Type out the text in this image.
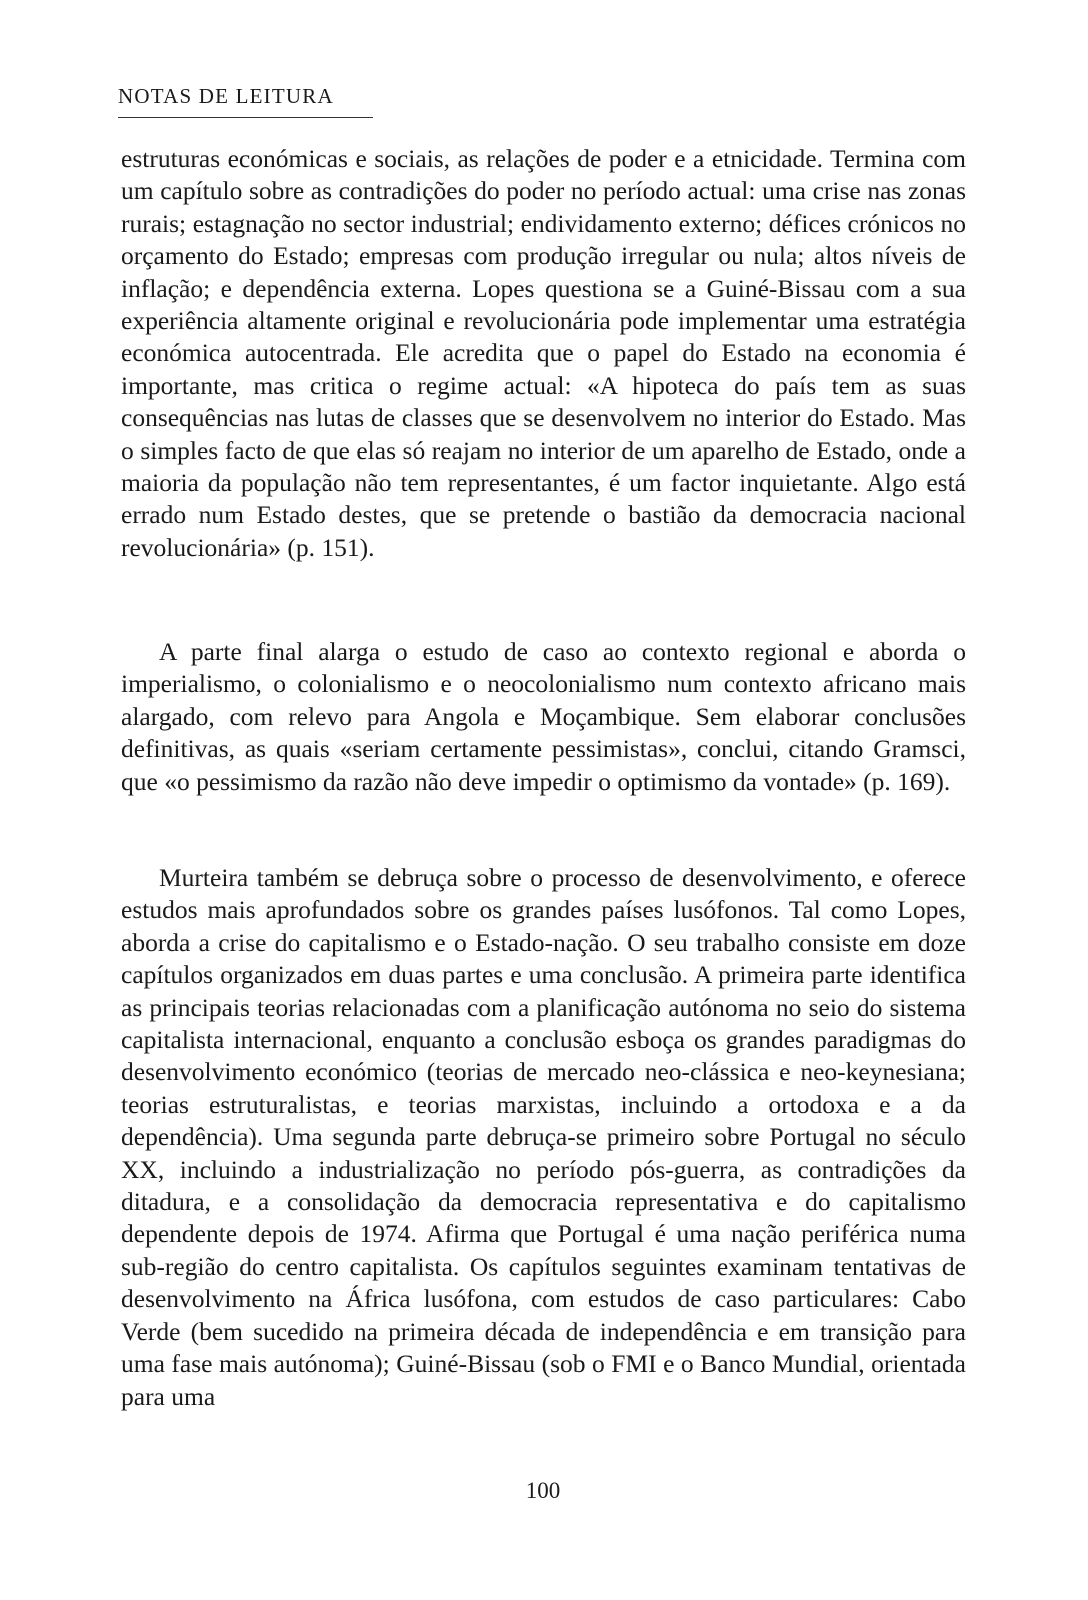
NOTAS DE LEITURA

estruturas económicas e sociais, as relações de poder e a etnicidade. Termina com um capítulo sobre as contradições do poder no período actual: uma crise nas zonas rurais; estagnação no sector industrial; endividamento externo; défices crónicos no orçamento do Estado; empresas com produção irregular ou nula; altos níveis de inflação; e dependência externa. Lopes questiona se a Guiné-Bissau com a sua experiência altamente original e revolucionária pode implementar uma estratégia económica autocentrada. Ele acredita que o papel do Estado na economia é importante, mas critica o regime actual: «A hipoteca do país tem as suas consequências nas lutas de classes que se desenvolvem no interior do Estado. Mas o simples facto de que elas só reajam no interior de um aparelho de Estado, onde a maioria da população não tem representantes, é um factor inquietante. Algo está errado num Estado destes, que se pretende o bastião da democracia nacional revolucionária» (p. 151).

A parte final alarga o estudo de caso ao contexto regional e aborda o imperialismo, o colonialismo e o neocolonialismo num contexto africano mais alargado, com relevo para Angola e Moçambique. Sem elaborar conclusões definitivas, as quais «seriam certamente pessimistas», conclui, citando Gramsci, que «o pessimismo da razão não deve impedir o optimismo da vontade» (p. 169).

Murteira também se debruça sobre o processo de desenvolvimento, e oferece estudos mais aprofundados sobre os grandes países lusófonos. Tal como Lopes, aborda a crise do capitalismo e o Estado-nação. O seu trabalho consiste em doze capítulos organizados em duas partes e uma conclusão. A primeira parte identifica as principais teorias relacionadas com a planificação autónoma no seio do sistema capitalista internacional, enquanto a conclusão esboça os grandes paradigmas do desenvolvimento económico (teorias de mercado neo-clássica e neo-keynesiana; teorias estruturalistas, e teorias marxistas, incluindo a ortodoxa e a da dependência). Uma segunda parte debruça-se primeiro sobre Portugal no século XX, incluindo a industrialização no período pós-guerra, as contradições da ditadura, e a consolidação da democracia representativa e do capitalismo dependente depois de 1974. Afirma que Portugal é uma nação periférica numa sub-região do centro capitalista. Os capítulos seguintes examinam tentativas de desenvolvimento na África lusófona, com estudos de caso particulares: Cabo Verde (bem sucedido na primeira década de independência e em transição para uma fase mais autónoma); Guiné-Bissau (sob o FMI e o Banco Mundial, orientada para uma

100
